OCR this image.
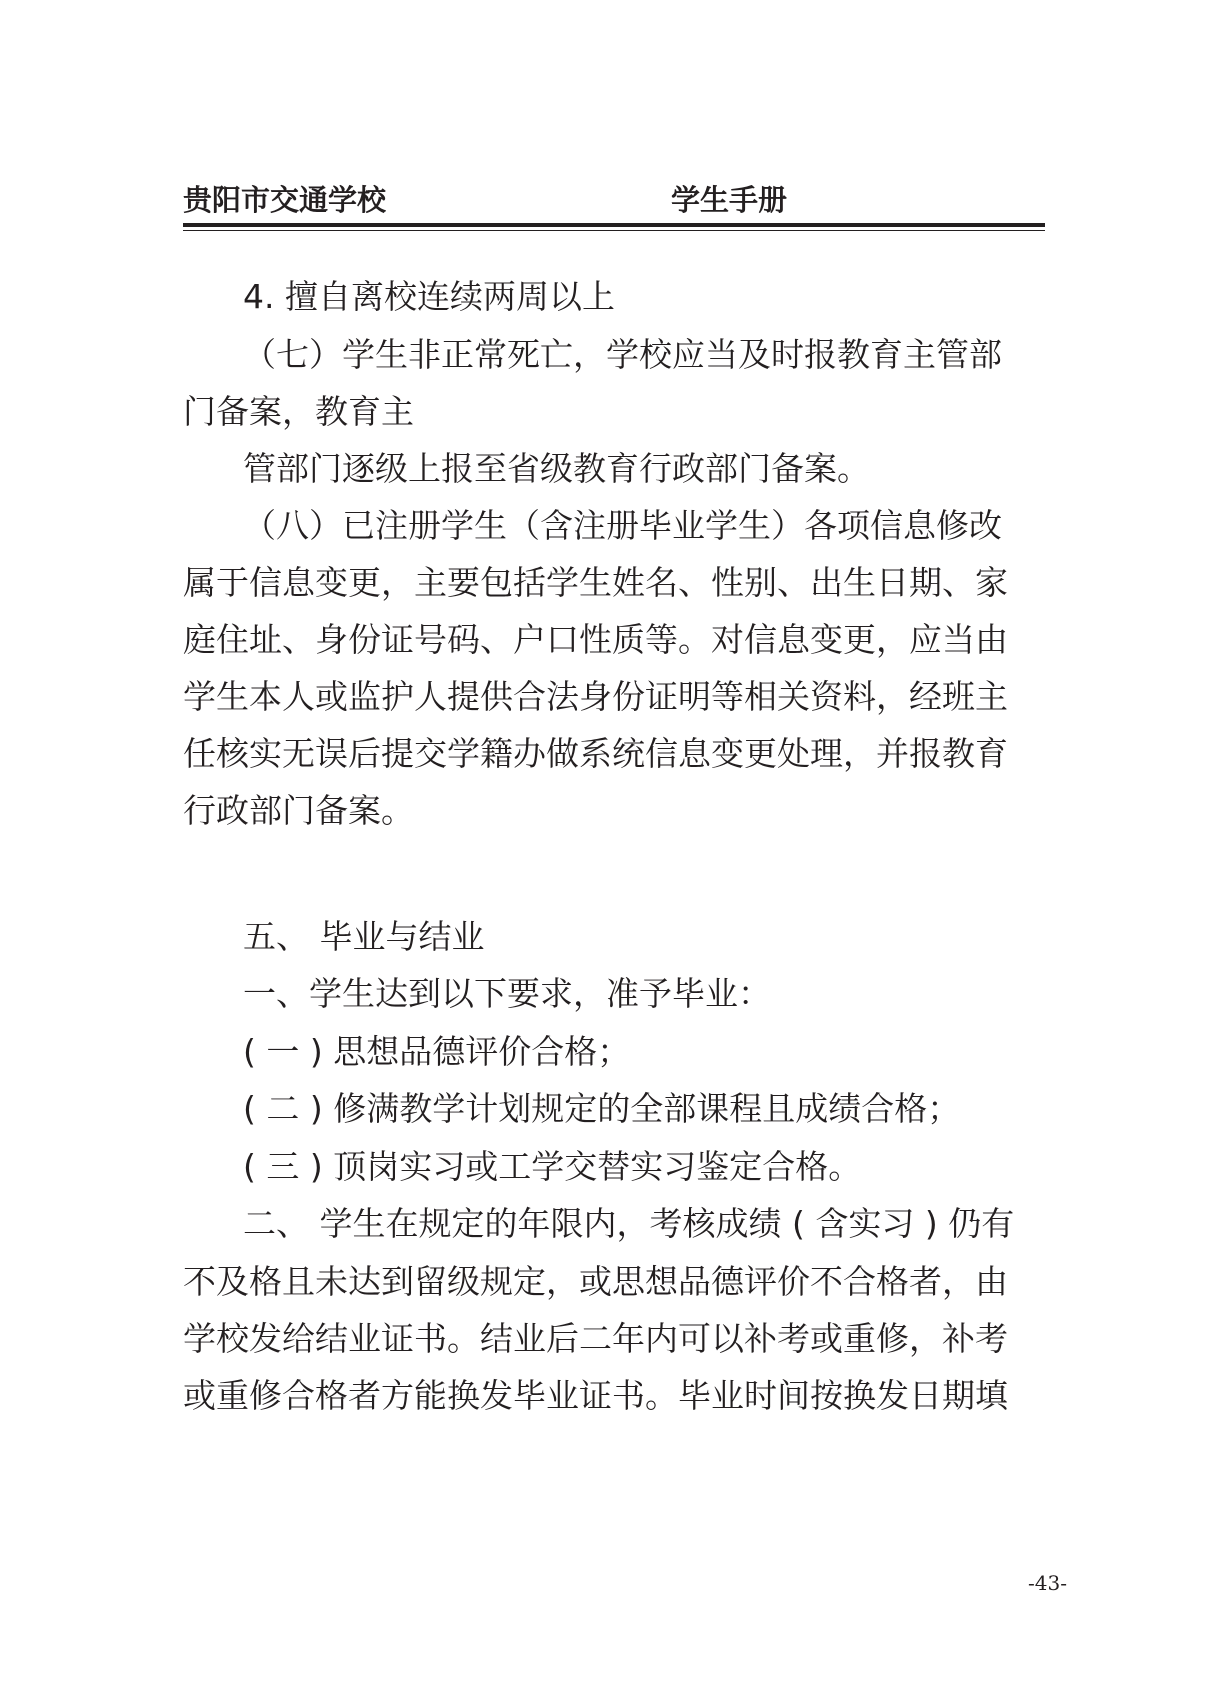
贵阳市交通学校	学生手册
4. 擅自离校连续两周以上
（七）学生非正常死亡，学校应当及时报教育主管部
门备案，教育主
管部门逐级上报至省级教育行政部门备案。
（八）已注册学生（含注册毕业学生）各项信息修改
属于信息变更，主要包括学生姓名、性别、出生日期、家
庭住址、身份证号码、户口性质等。对信息变更，应当由
学生本人或监护人提供合法身份证明等相关资料，经班主
任核实无误后提交学籍办做系统信息变更处理，并报教育
行政部门备案。
五、 毕业与结业
一、学生达到以下要求，准予毕业：
( 一 ) 思想品德评价合格；
( 二 ) 修满教学计划规定的全部课程且成绩合格；
( 三 ) 顶岗实习或工学交替实习鉴定合格。
二、 学生在规定的年限内，考核成绩 ( 含实习 ) 仍有
不及格且未达到留级规定，或思想品德评价不合格者，由
学校发给结业证书。结业后二年内可以补考或重修，补考
或重修合格者方能换发毕业证书。毕业时间按换发日期填
-43-
